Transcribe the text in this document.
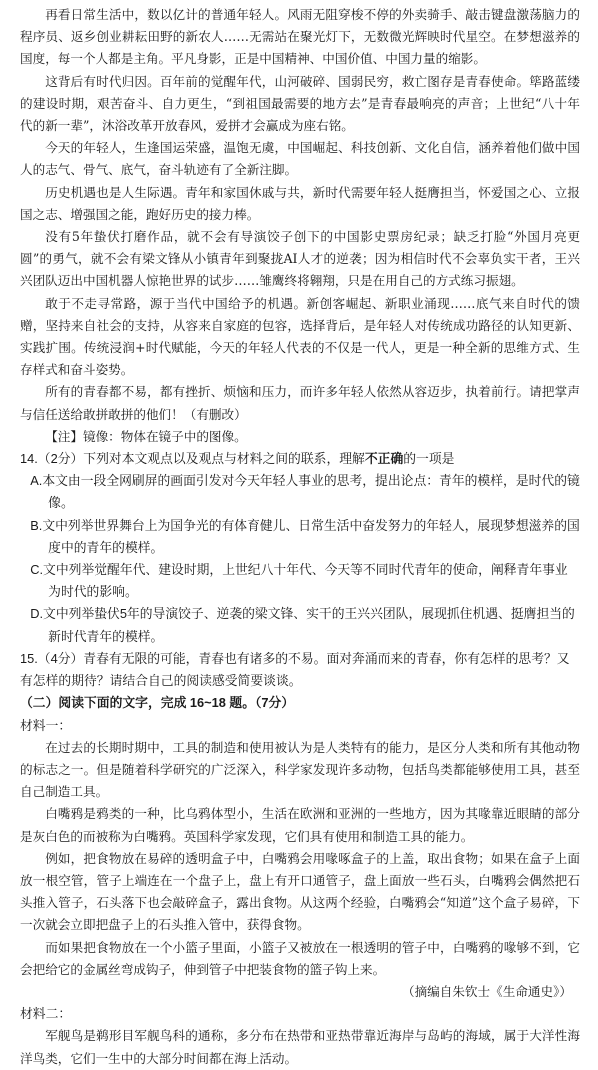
再看日常生活中，数以亿计的普通年轻人。风雨无阻穿梭不停的外卖骑手、敲击键盘激荡脑力的程序员、返乡创业耕耘田野的新农人……无需站在聚光灯下，无数微光辉映时代星空。在梦想滋养的国度，每一个人都是主角。平凡身影，正是中国精神、中国价值、中国力量的缩影。

这背后有时代归因。百年前的觉醒年代，山河破碎、国弱民穷，救亡图存是青春使命。筚路蓝缕的建设时期，艰苦奋斗、自力更生，“到祖国最需要的地方去”是青春最响亮的声音；上世纪“八十年代的新一辈”，沐浴改革开放春风，爱拼才会赢成为座右铭。

今天的年轻人，生逢国运荣盛，温饱无虞，中国崛起、科技创新、文化自信，涵养着他们做中国人的志气、骨气、底气，奋斗轨迹有了全新注脚。

历史机遇也是人生际遇。青年和家国休戚与共，新时代需要年轻人挺膺担当，怀爱国之心、立报国之志、增强国之能，跑好历史的接力棒。

没有5年蛰伏打磨作品，就不会有导演饺子创下的中国影史票房纪录；缺乏打脸“外国月亮更圆”的勇气，就不会有梁文锋从小镇青年到聚拢AI人才的逆袭；因为相信时代不会辜负实干者，王兴兴团队迈出中国机器人惊艳世界的试步……雏鹰终将翱翔，只是在用自己的方式练习振翅。

敢于不走寻常路，源于当代中国给予的机遇。新创客崛起、新职业涌现……底气来自时代的馈赠，坚持来自社会的支持，从容来自家庭的包容，选择背后，是年轻人对传统成功路径的认知更新、实践扩围。传统浸润+时代赋能，今天的年轻人代表的不仅是一代人，更是一种全新的思维方式、生存样式和奋斗姿势。

所有的青春都不易，都有挫折、烦恼和压力，而许多年轻人依然从容迈步，执着前行。请把掌声与信任送给敢拼敢拼的他们！（有删改）

【注】镜像：物体在镜子中的图像。

14.（2分）下列对本文观点以及观点与材料之间的联系，理解不正确的一项是

A.本文由一段全网刷屏的画面引发对今天年轻人事业的思考，提出论点：青年的模样，是时代的镜像。

B.文中列举世界舞台上为国争光的有体育健儿、日常生活中奋发努力的年轻人，展现梦想滋养的国度中的青年的模样。

C.文中列举觉醒年代、建设时期，上世纪八十年代、今天等不同时代青年的使命，阐释青年事业为时代的影响。

D.文中列举蛰伏5年的导演饺子、逆袭的梁文锋、实干的王兴兴团队，展现抓住机遇、挺膺担当的新时代青年的模样。

15.（4分）青春有无限的可能，青春也有诸多的不易。面对奔涌而来的青春，你有怎样的思考？又有怎样的期待？请结合自己的阅读感受简要谈谈。

（二）阅读下面的文字，完成 16~18 题。（7分）

材料一：

在过去的长期时期中，工具的制造和使用被认为是人类特有的能力，是区分人类和所有其他动物的标志之一。但是随着科学研究的广泛深入，科学家发现许多动物，包括鸟类都能够使用工具，甚至自己制造工具。

白嘴鸦是鸦类的一种，比乌鸦体型小，生活在欧洲和亚洲的一些地方，因为其喙靠近眼睛的部分是灰白色的而被称为白嘴鸦。英国科学家发现，它们具有使用和制造工具的能力。

例如，把食物放在易碎的透明盒子中，白嘴鸦会用喙啄盒子的上盖，取出食物；如果在盒子上面放一根空管，管子上端连在一个盘子上，盘上有开口通管子，盘上面放一些石头，白嘴鸦会偶然把石头推入管子，石头落下也会敲碎盒子，露出食物。从这两个经验，白嘴鸦会“知道”这个盒子易碎，下一次就会立即把盘子上的石头推入管中，获得食物。

而如果把食物放在一个小篮子里面，小篮子又被放在一根透明的管子中，白嘴鸦的喙够不到，它会把给它的金属丝弯成钩子，伸到管子中把装食物的篮子钩上来。

（摘编自朱钦士《生命通史》）

材料二：

军舰鸟是鹈形目军舰鸟科的通称，多分布在热带和亚热带靠近海岸与岛屿的海域，属于大洋性海洋鸟类，它们一生中的大部分时间都在海上活动。
